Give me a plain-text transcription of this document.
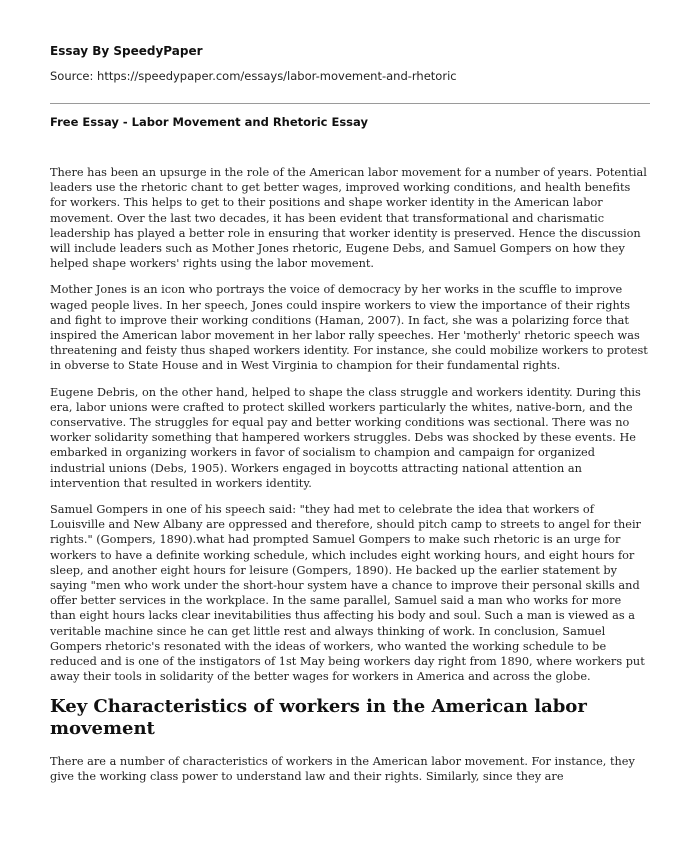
Essay By SpeedyPaper
Source: https://speedypaper.com/essays/labor-movement-and-rhetoric
Free Essay - Labor Movement and Rhetoric Essay

There has been an upsurge in the role of the American labor movement for a number of years. Potential leaders use the rhetoric chant to get better wages, improved working conditions, and health benefits for workers. This helps to get to their positions and shape worker identity in the American labor movement. Over the last two decades, it has been evident that transformational and charismatic leadership has played a better role in ensuring that worker identity is preserved. Hence the discussion will include leaders such as Mother Jones rhetoric, Eugene Debs, and Samuel Gompers on how they helped shape workers' rights using the labor movement.

Mother Jones is an icon who portrays the voice of democracy by her works in the scuffle to improve waged people lives. In her speech, Jones could inspire workers to view the importance of their rights and fight to improve their working conditions (Haman, 2007). In fact, she was a polarizing force that inspired the American labor movement in her labor rally speeches. Her 'motherly' rhetoric speech was threatening and feisty thus shaped workers identity. For instance, she could mobilize workers to protest in obverse to State House and in West Virginia to champion for their fundamental rights.

Eugene Debris, on the other hand, helped to shape the class struggle and workers identity. During this era, labor unions were crafted to protect skilled workers particularly the whites, native-born, and the conservative. The struggles for equal pay and better working conditions was sectional. There was no worker solidarity something that hampered workers struggles. Debs was shocked by these events. He embarked in organizing workers in favor of socialism to champion and campaign for organized industrial unions (Debs, 1905). Workers engaged in boycotts attracting national attention an intervention that resulted in workers identity.

Samuel Gompers in one of his speech said: "they had met to celebrate the idea that workers of Louisville and New Albany are oppressed and therefore, should pitch camp to streets to angel for their rights." (Gompers, 1890).what had prompted Samuel Gompers to make such rhetoric is an urge for workers to have a definite working schedule, which includes eight working hours, and eight hours for sleep, and another eight hours for leisure (Gompers, 1890). He backed up the earlier statement by saying "men who work under the short-hour system have a chance to improve their personal skills and offer better services in the workplace. In the same parallel, Samuel said a man who works for more than eight hours lacks clear inevitabilities thus affecting his body and soul. Such a man is viewed as a veritable machine since he can get little rest and always thinking of work. In conclusion, Samuel Gompers rhetoric's resonated with the ideas of workers, who wanted the working schedule to be reduced and is one of the instigators of 1st May being workers day right from 1890, where workers put away their tools in solidarity of the better wages for workers in America and across the globe.

Key Characteristics of workers in the American labor movement

There are a number of characteristics of workers in the American labor movement. For instance, they give the working class power to understand law and their rights. Similarly, since they are
